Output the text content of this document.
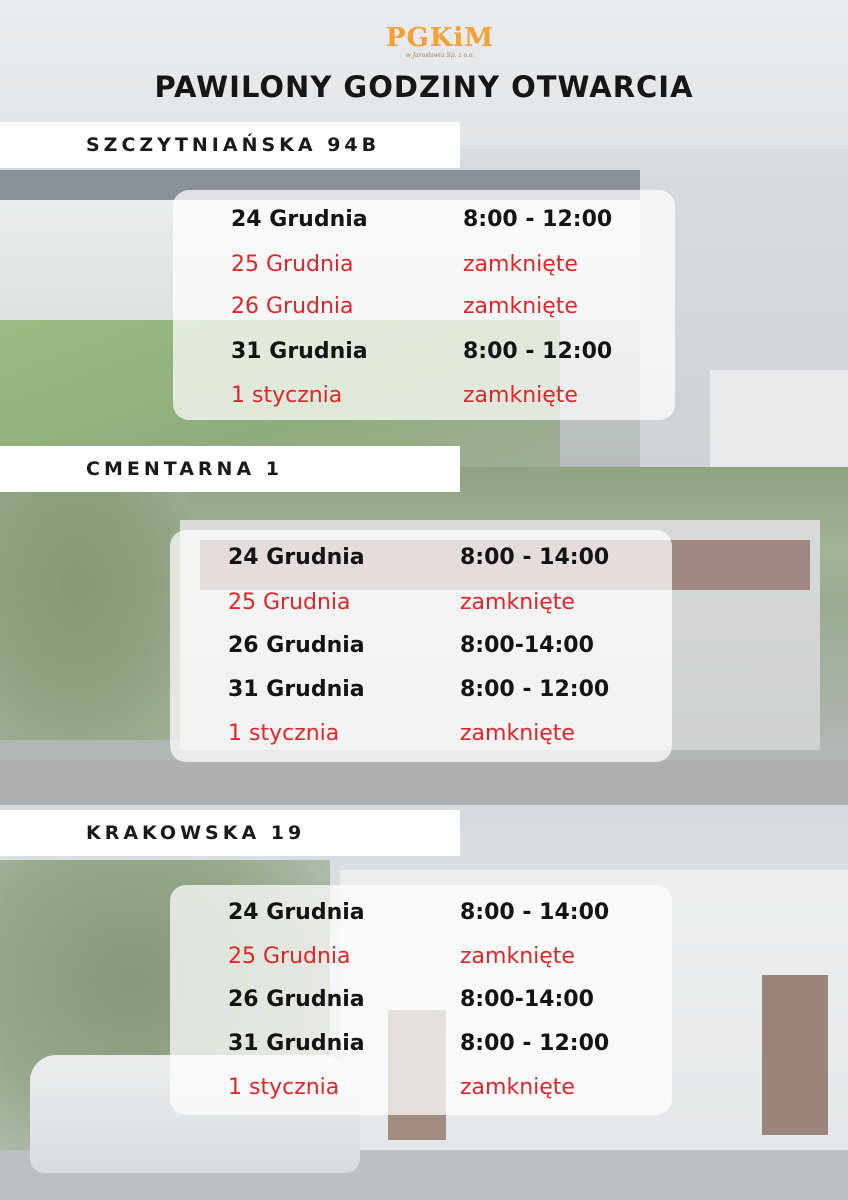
PGKiM
w Jarosławiu Sp. z o.o.
PAWILONY GODZINY OTWARCIA
SZCZYTNIAŃSKA 94B
24 Grudnia	8:00 - 12:00
25 Grudnia	zamknięte
26 Grudnia	zamknięte
31 Grudnia	8:00 - 12:00
1 stycznia	zamknięte
CMENTARNA 1
24 Grudnia	8:00 - 14:00
25 Grudnia	zamknięte
26 Grudnia	8:00-14:00
31 Grudnia	8:00 - 12:00
1 stycznia	zamknięte
KRAKOWSKA 19
24 Grudnia	8:00 - 14:00
25 Grudnia	zamknięte
26 Grudnia	8:00-14:00
31 Grudnia	8:00 - 12:00
1 stycznia	zamknięte
